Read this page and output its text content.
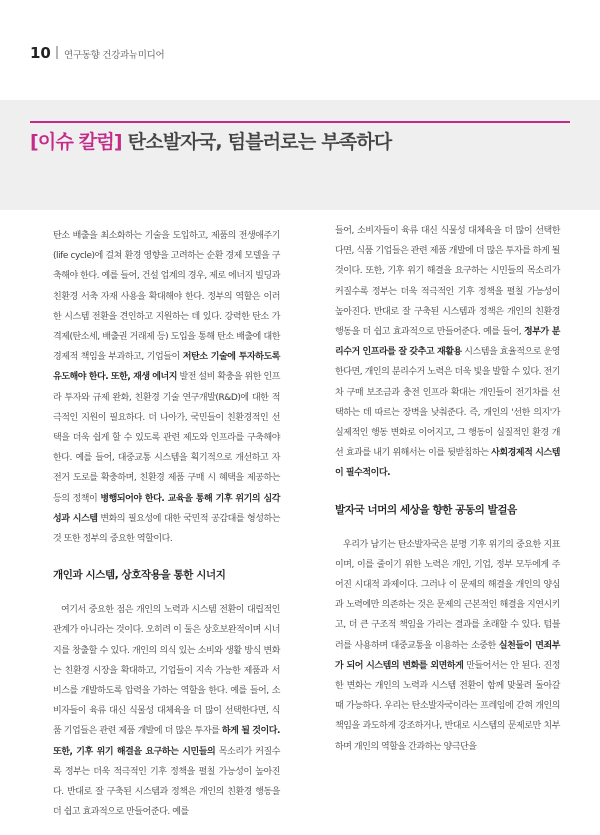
10 연구동향 건강과뉴미디어
[이슈 칼럼] 탄소발자국, 텀블러로는 부족하다

탄소 배출을 최소화하는 기술을 도입하고, 제품의 전생애주기(life cycle)에 걸쳐 환경 영향을 고려하는 순환 경제 모델을 구축해야 한다. 예를 들어, 건설 업계의 경우, 제로 에너지 빌딩과 친환경 서축 자재 사용을 확대해야 한다. 정부의 역할은 이러한 시스템 전환을 견인하고 지원하는 데 있다. 강력한 탄소 가격제(탄소세, 배출권 거래제 등) 도입을 통해 탄소 배출에 대한 경제적 책임을 부과하고, 기업들이 저탄소 기술에 투자하도록 유도해야 한다. 또한, 재생 에너지 발전 설비 확충을 위한 인프라 투자와 규제 완화, 친환경 기술 연구개발(R&D)에 대한 적극적인 지원이 필요하다. 더 나아가, 국민들이 친환경적인 선택을 더욱 쉽게 할 수 있도록 관련 제도와 인프라를 구축해야 한다. 예를 들어, 대중교통 시스템을 획기적으로 개선하고 자전거 도로를 확충하며, 친환경 제품 구매 시 혜택을 제공하는 등의 정책이 병행되어야 한다. 교육을 통해 기후 위기의 심각성과 시스템 변화의 필요성에 대한 국민적 공감대를 형성하는 것 또한 정부의 중요한 역할이다.

개인과 시스템, 상호작용을 통한 시너지

여기서 중요한 점은 개인의 노력과 시스템 전환이 대립적인 관계가 아니라는 것이다. 오히려 이 둘은 상호보완적이며 시너지를 창출할 수 있다. 개인의 의식 있는 소비와 생활 방식 변화는 친환경 시장을 확대하고, 기업들이 지속 가능한 제품과 서비스를 개발하도록 압력을 가하는 역할을 한다. 예를 들어, 소비자들이 육류 대신 식물성 대체육을 더 많이 선택한다면, 식품 기업들은 관련 제품 개발에 더 많은 투자를 하게 될 것이다. 또한, 기후 위기 해결을 요구하는 시민들의 목소리가 커질수록 정부는 더욱 적극적인 기후 정책을 펼칠 가능성이 높아진다. 반대로 잘 구축된 시스템과 정책은 개인의 친환경 행동을 더 쉽고 효과적으로 만들어준다. 예를

들어, 소비자들이 육류 대신 식물성 대체육을 더 많이 선택한다면, 식품 기업들은 관련 제품 개발에 더 많은 투자를 하게 될 것이다. 또한, 기후 위기 해결을 요구하는 시민들의 목소리가 커질수록 정부는 더욱 적극적인 기후 정책을 펼칠 가능성이 높아진다. 반대로 잘 구축된 시스템과 정책은 개인의 친환경 행동을 더 쉽고 효과적으로 만들어준다. 예를 들어, 정부가 분리수거 인프라를 잘 갖추고 재활용 시스템을 효율적으로 운영한다면, 개인의 분리수거 노력은 더욱 빛을 발할 수 있다. 전기차 구매 보조금과 충전 인프라 확대는 개인들이 전기차를 선택하는 데 따르는 장벽을 낮춰준다. 즉, 개인의 '선한 의지'가 실제적인 행동 변화로 이어지고, 그 행동이 실질적인 환경 개선 효과를 내기 위해서는 이를 뒷받침하는 사회경제적 시스템이 필수적이다.

발자국 너머의 세상을 향한 공동의 발걸음

우리가 남기는 탄소발자국은 분명 기후 위기의 중요한 지표이며, 이를 줄이기 위한 노력은 개인, 기업, 정부 모두에게 주어진 시대적 과제이다. 그러나 이 문제의 해결을 개인의 양심과 노력에만 의존하는 것은 문제의 근본적인 해결을 지연시키고, 더 큰 구조적 책임을 가리는 결과를 초래할 수 있다. 텀블러를 사용하며 대중교통을 이용하는 소중한 실천들이 면죄부가 되어 시스템의 변화를 외면하게 만들어서는 안 된다. 진정한 변화는 개인의 노력과 시스템 전환이 함께 맞물려 돌아갈 때 가능하다. 우리는 탄소발자국이라는 프레임에 갇혀 개인의 책임을 과도하게 강조하거나, 반대로 시스템의 문제로만 치부하며 개인의 역할을 간과하는 양극단을
